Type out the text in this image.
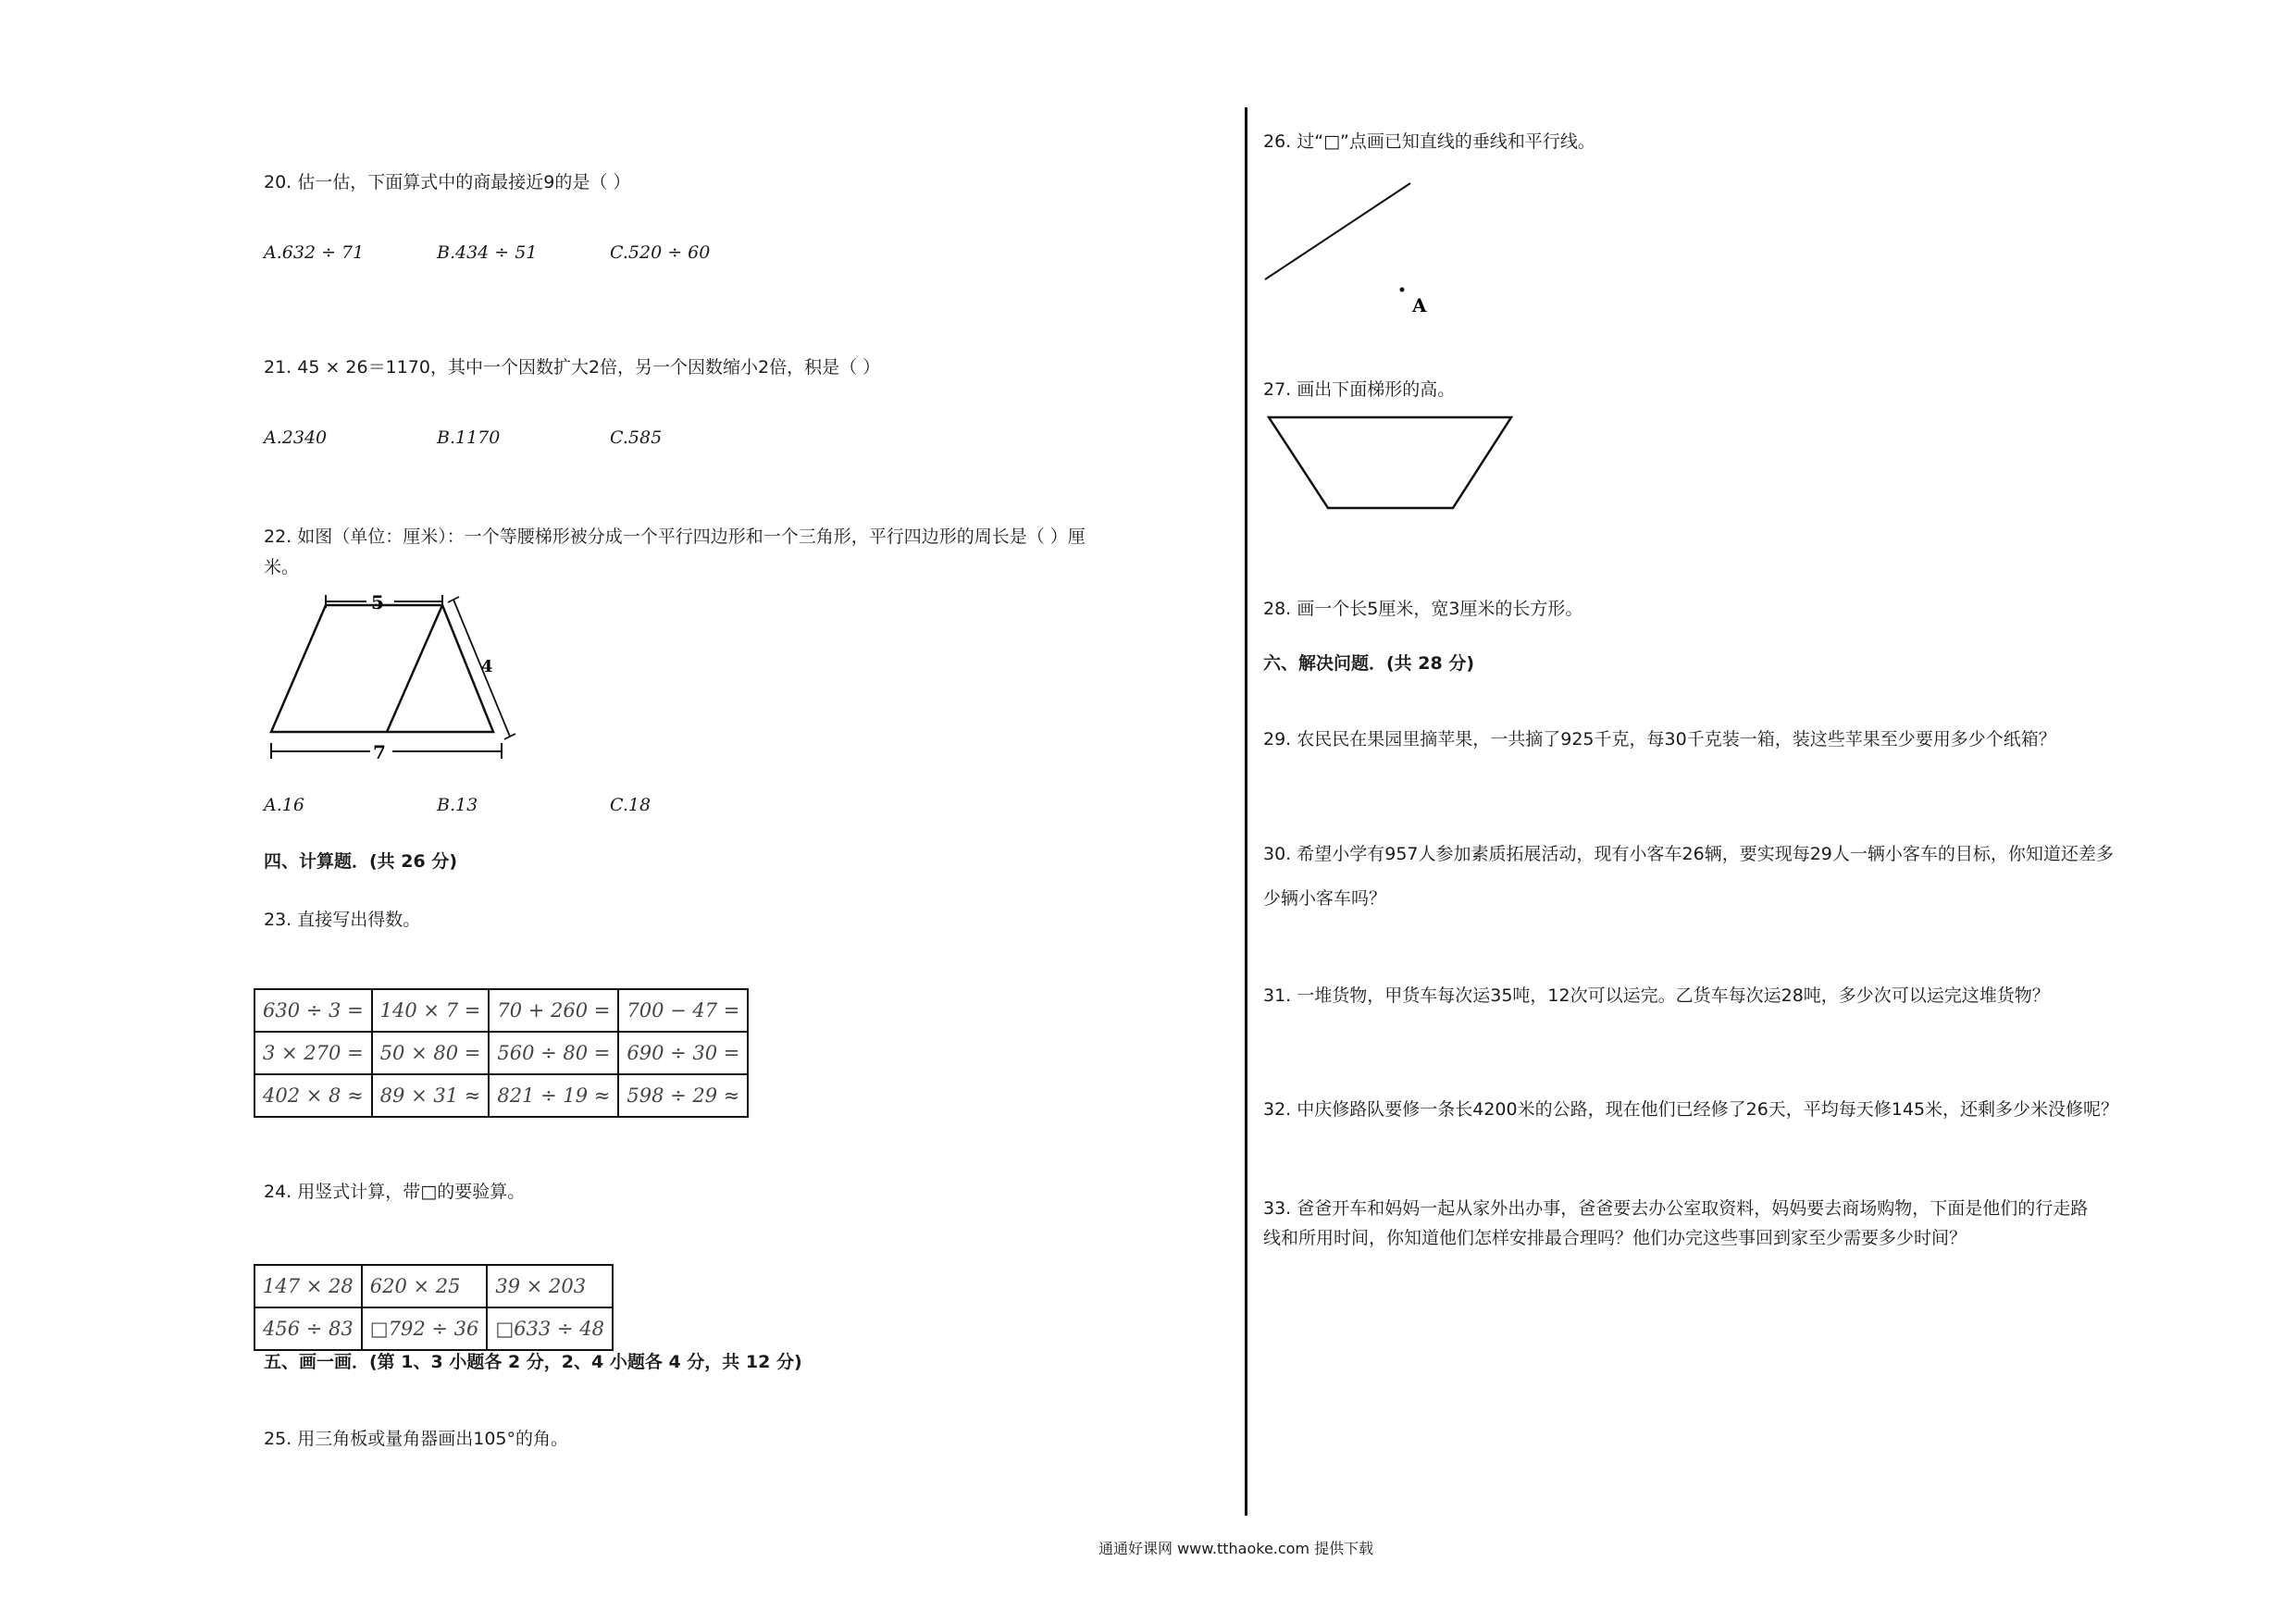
20. 估一估，下面算式中的商最接近9的是（ ）
A.632 ÷ 71	B.434 ÷ 51	C.520 ÷ 60
21. 45 × 26＝1170，其中一个因数扩大2倍，另一个因数缩小2倍，积是（ ）
A.2340	B.1170	C.585
22. 如图（单位：厘米）：一个等腰梯形被分成一个平行四边形和一个三角形，平行四边形的周长是（ ）厘
米。
5
4
7
A.16	B.13	C.18
四、计算题．(共 26 分)
23. 直接写出得数。
630 ÷ 3 =	140 × 7 =	70 + 260 =	700 − 47 =
3 × 270 =	50 × 80 =	560 ÷ 80 =	690 ÷ 30 =
402 × 8 ≈	89 × 31 ≈	821 ÷ 19 ≈	598 ÷ 29 ≈
24. 用竖式计算，带□的要验算。
147 × 28	620 × 25	39 × 203
456 ÷ 83	□792 ÷ 36	□633 ÷ 48
五、画一画．(第 1、3 小题各 2 分，2、4 小题各 4 分，共 12 分)
25. 用三角板或量角器画出105°的角。
26. 过“□”点画已知直线的垂线和平行线。
A
27. 画出下面梯形的高。
28. 画一个长5厘米，宽3厘米的长方形。
六、解决问题．(共 28 分)
29. 农民民在果园里摘苹果，一共摘了925千克，每30千克装一箱，装这些苹果至少要用多少个纸箱？
30. 希望小学有957人参加素质拓展活动，现有小客车26辆，要实现每29人一辆小客车的目标，你知道还差多
少辆小客车吗？
31. 一堆货物，甲货车每次运35吨，12次可以运完。乙货车每次运28吨，多少次可以运完这堆货物？
32. 中庆修路队要修一条长4200米的公路，现在他们已经修了26天，平均每天修145米，还剩多少米没修呢？
33. 爸爸开车和妈妈一起从家外出办事，爸爸要去办公室取资料，妈妈要去商场购物，下面是他们的行走路
线和所用时间，你知道他们怎样安排最合理吗？他们办完这些事回到家至少需要多少时间？
通通好课网 www.tthaoke.com 提供下载
